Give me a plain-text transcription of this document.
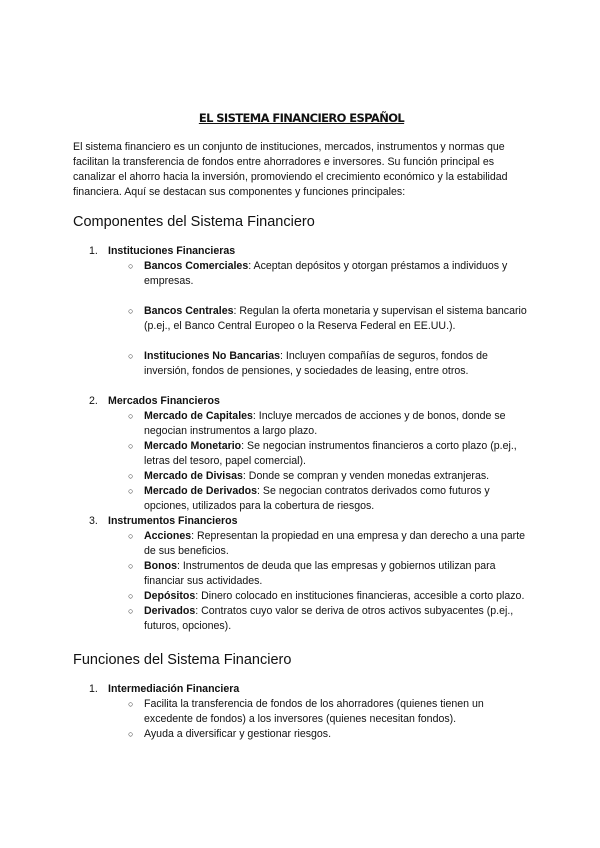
EL SISTEMA FINANCIERO ESPAÑOL

El sistema financiero es un conjunto de instituciones, mercados, instrumentos y normas que facilitan la transferencia de fondos entre ahorradores e inversores. Su función principal es canalizar el ahorro hacia la inversión, promoviendo el crecimiento económico y la estabilidad financiera. Aquí se destacan sus componentes y funciones principales:

Componentes del Sistema Financiero
1. Instituciones Financieras
○ Bancos Comerciales: Aceptan depósitos y otorgan préstamos a individuos y empresas.
○ Bancos Centrales: Regulan la oferta monetaria y supervisan el sistema bancario (p.ej., el Banco Central Europeo o la Reserva Federal en EE.UU.).
○ Instituciones No Bancarias: Incluyen compañías de seguros, fondos de inversión, fondos de pensiones, y sociedades de leasing, entre otros.
2. Mercados Financieros
○ Mercado de Capitales: Incluye mercados de acciones y de bonos, donde se negocian instrumentos a largo plazo.
○ Mercado Monetario: Se negocian instrumentos financieros a corto plazo (p.ej., letras del tesoro, papel comercial).
○ Mercado de Divisas: Donde se compran y venden monedas extranjeras.
○ Mercado de Derivados: Se negocian contratos derivados como futuros y opciones, utilizados para la cobertura de riesgos.
3. Instrumentos Financieros
○ Acciones: Representan la propiedad en una empresa y dan derecho a una parte de sus beneficios.
○ Bonos: Instrumentos de deuda que las empresas y gobiernos utilizan para financiar sus actividades.
○ Depósitos: Dinero colocado en instituciones financieras, accesible a corto plazo.
○ Derivados: Contratos cuyo valor se deriva de otros activos subyacentes (p.ej., futuros, opciones).
Funciones del Sistema Financiero
1. Intermediación Financiera
○ Facilita la transferencia de fondos de los ahorradores (quienes tienen un excedente de fondos) a los inversores (quienes necesitan fondos).
○ Ayuda a diversificar y gestionar riesgos.
